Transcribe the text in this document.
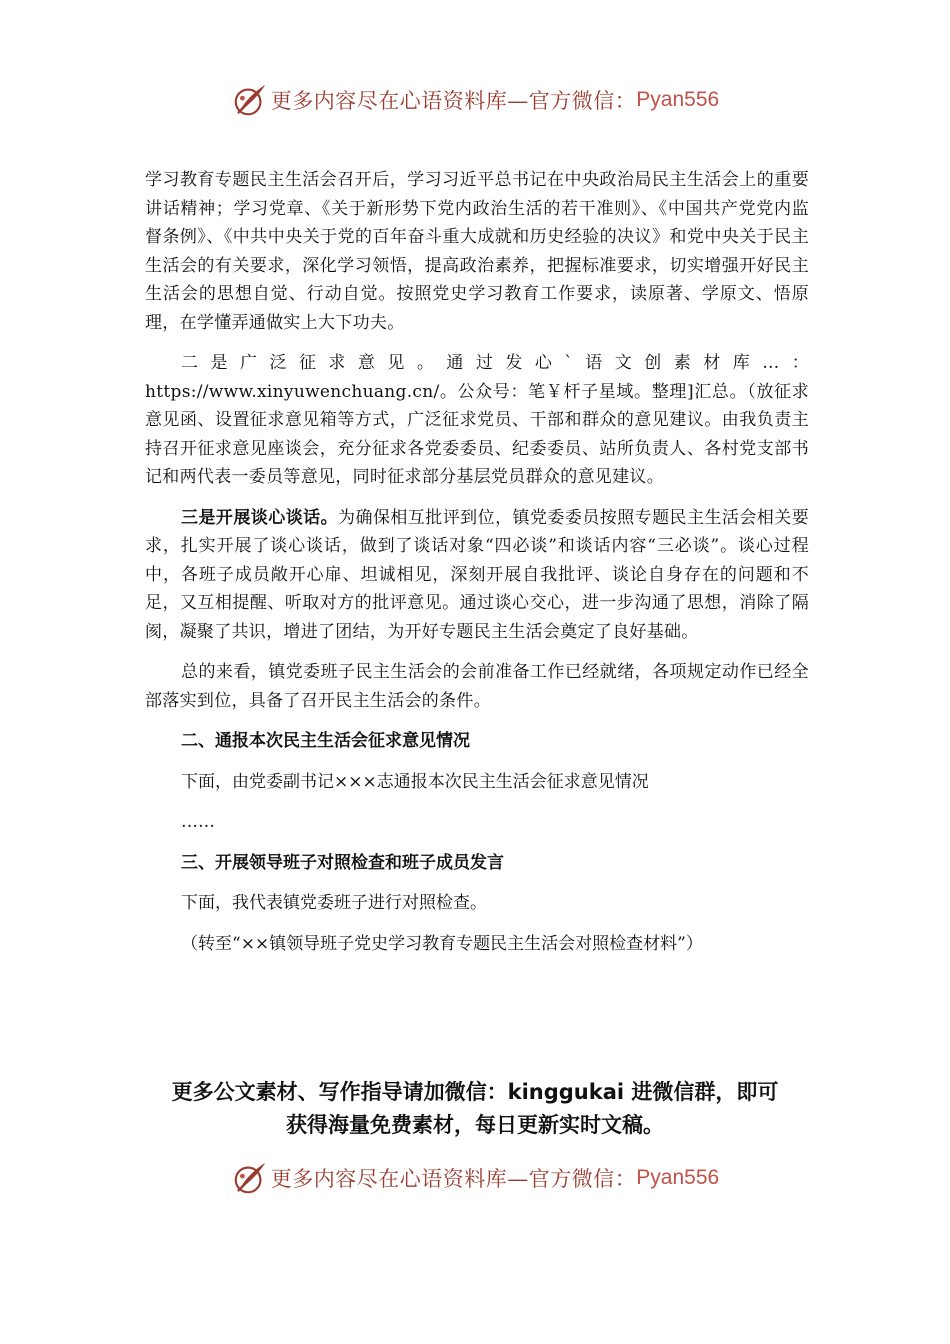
更多内容尽在心语资料库—官方微信： Pyan556

学习教育专题民主生活会召开后，学习习近平总书记在中央政治局民主生活会上的重要讲话精神；学习党章、《关于新形势下党内政治生活的若干准则》、《中国共产党党内监督条例》、《中共中央关于党的百年奋斗重大成就和历史经验的决议》和党中央关于民主生活会的有关要求，深化学习领悟，提高政治素养，把握标准要求，切实增强开好民主生活会的思想自觉、行动自觉。按照党史学习教育工作要求，读原著、学原文、悟原理，在学懂弄通做实上大下功夫。

二是广泛征求意见。通过发心`语文创素材库…：https://www.xinyuwenchuang.cn/。公众号：笔￥杆子星域。整理]汇总。（放征求意见函、设置征求意见箱等方式，广泛征求党员、干部和群众的意见建议。由我负责主持召开征求意见座谈会，充分征求各党委委员、纪委委员、站所负责人、各村党支部书记和两代表一委员等意见，同时征求部分基层党员群众的意见建议。

三是开展谈心谈话。为确保相互批评到位，镇党委委员按照专题民主生活会相关要求，扎实开展了谈心谈话，做到了谈话对象“四必谈”和谈话内容“三必谈”。谈心过程中，各班子成员敞开心扉、坦诚相见，深刻开展自我批评、谈论自身存在的问题和不足，又互相提醒、听取对方的批评意见。通过谈心交心，进一步沟通了思想，消除了隔阂，凝聚了共识，增进了团结，为开好专题民主生活会奠定了良好基础。

总的来看，镇党委班子民主生活会的会前准备工作已经就绪，各项规定动作已经全部落实到位，具备了召开民主生活会的条件。

二、通报本次民主生活会征求意见情况
下面，由党委副书记×××志通报本次民主生活会征求意见情况
……
三、开展领导班子对照检查和班子成员发言
下面，我代表镇党委班子进行对照检查。
（转至“××镇领导班子党史学习教育专题民主生活会对照检查材料”）
更多公文素材、写作指导请加微信：kinggukai 进微信群，即可
获得海量免费素材，每日更新实时文稿。
更多内容尽在心语资料库—官方微信： Pyan556
